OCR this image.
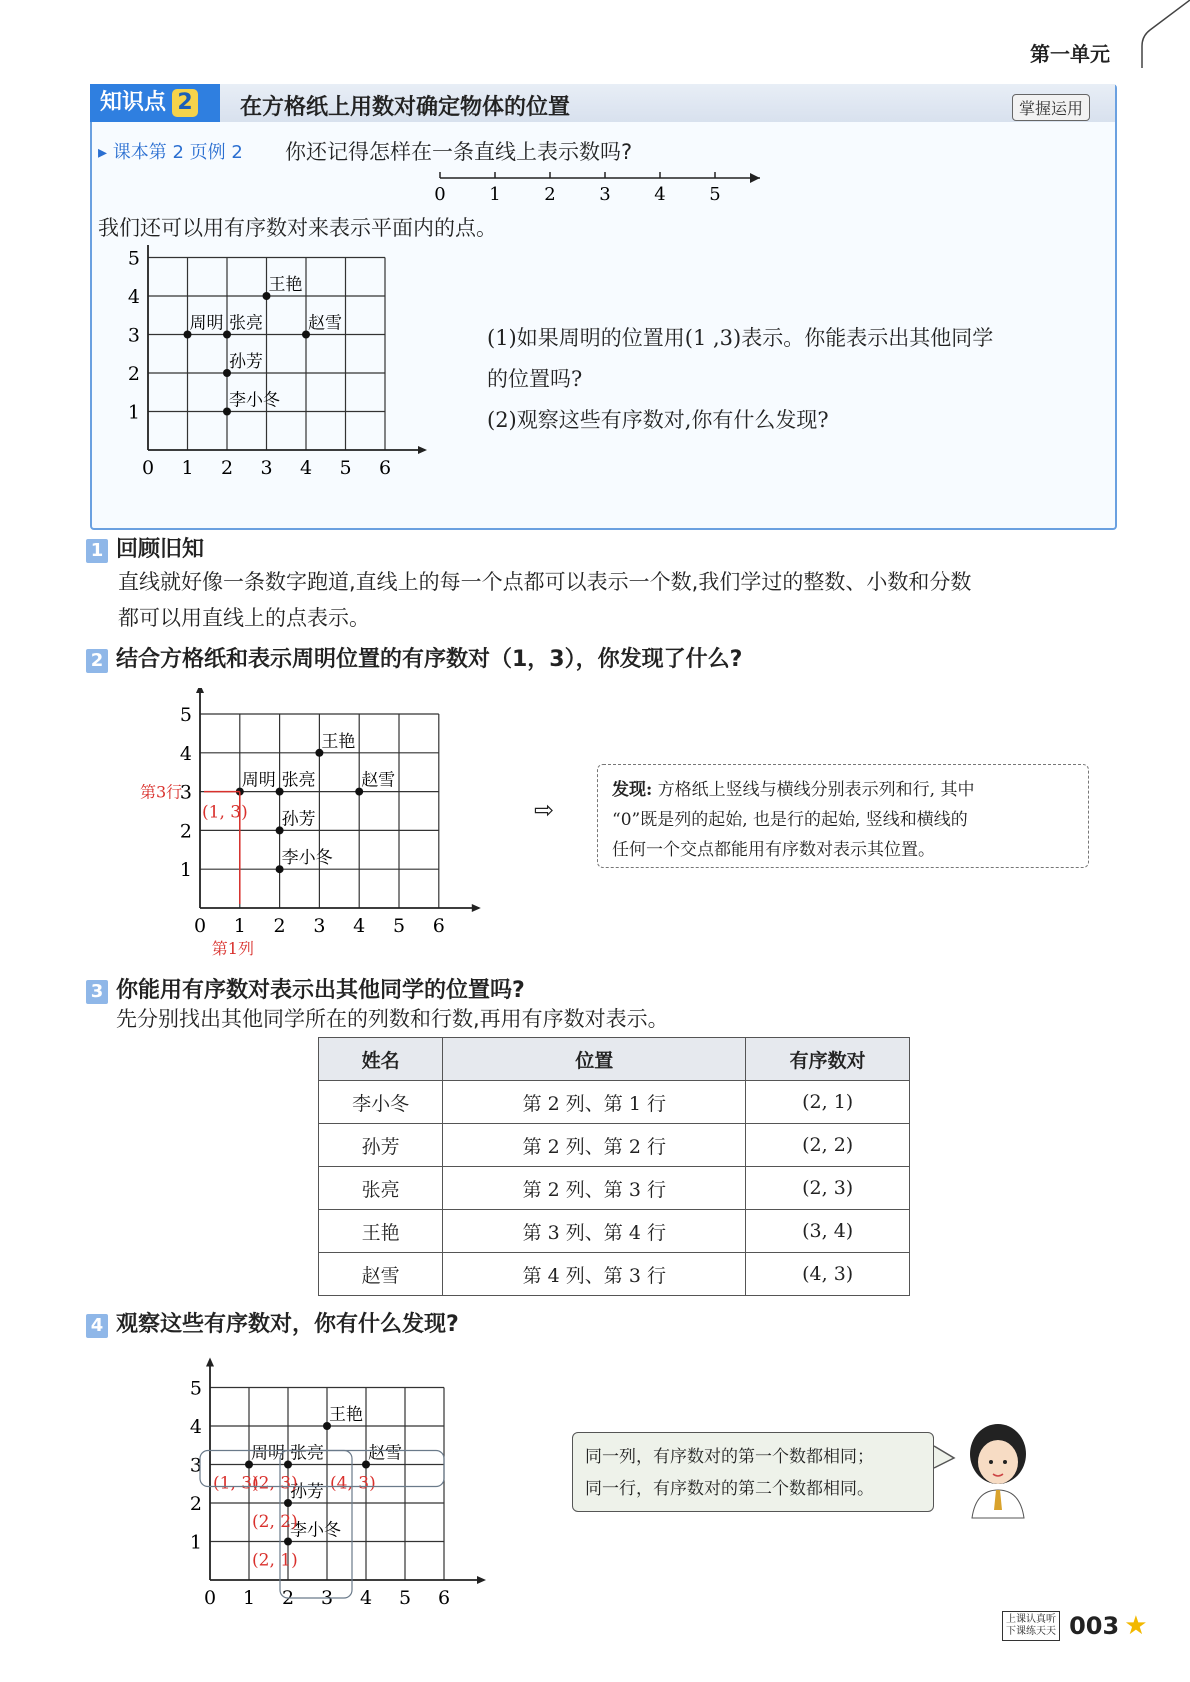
第一单元
知识点 2	在方格纸上用数对确定物体的位置	掌握运用
▸ 课本第 2 页例 2 你还记得怎样在一条直线上表示数吗?
0 1 2 3 4 5
我们还可以用有序数对来表示平面内的点。
0 1 2 3 4 5 6
1
2
3
4
5
周明 张亮
孙芳
李小冬
王艳
赵雪
(1)如果周明的位置用(1 ,3)表示。你能表示出其他同学
的位置吗?
(2)观察这些有序数对,你有什么发现?
1 回顾旧知
直线就好像一条数字跑道,直线上的每一个点都可以表示一个数,我们学过的整数、小数和分数
都可以用直线上的点表示。
2 结合方格纸和表示周明位置的有序数对（1，3），你发现了什么?
0 1 2 3 4 5 6
1
2
3
4
5
周明 张亮
孙芳
李小冬
王艳
赵雪
第3行
(1, 3)
第1列
⇨
发现: 方格纸上竖线与横线分别表示列和行, 其中
“0”既是列的起始, 也是行的起始, 竖线和横线的
任何一个交点都能用有序数对表示其位置。
3 你能用有序数对表示出其他同学的位置吗?
先分别找出其他同学所在的列数和行数,再用有序数对表示。
姓名	位置	有序数对
李小冬	第 2 列、第 1 行	(2, 1)
孙芳	第 2 列、第 2 行	(2, 2)
张亮	第 2 列、第 3 行	(2, 3)
王艳	第 3 列、第 4 行	(3, 4)
赵雪	第 4 列、第 3 行	(4, 3)
4 观察这些有序数对，你有什么发现?
0 1 2 3 4 5 6
1
2
3
4
5
周明 张亮
孙芳
李小冬
王艳
赵雪
(1, 3)
(2, 3) (4, 3)
(2, 2)
(2, 1)
同一列，有序数对的第一个数都相同；
同一行，有序数对的第二个数都相同。
上课认真听
下课练天天 003 ★
